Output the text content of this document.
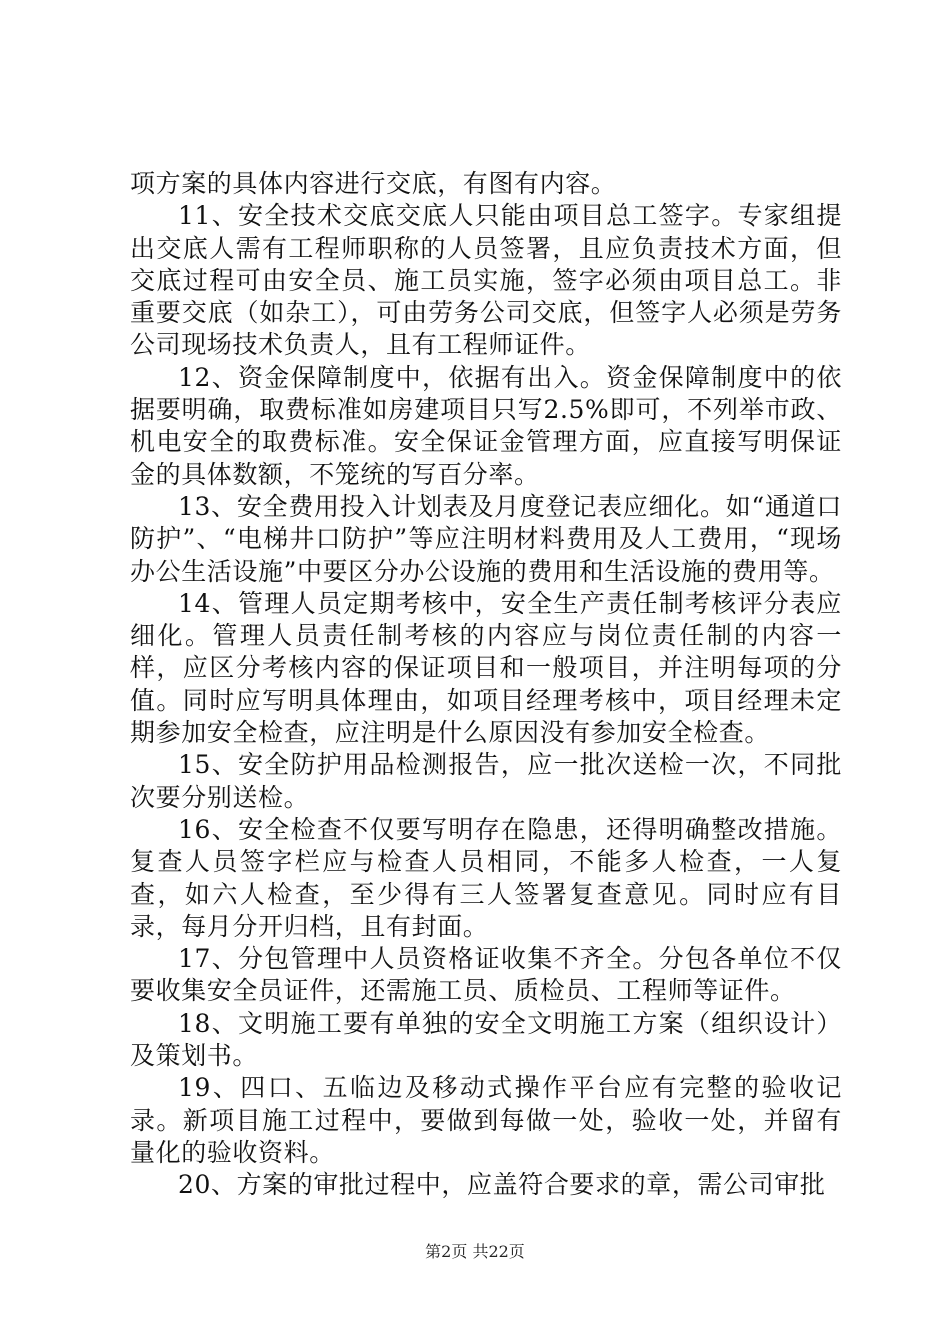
项方案的具体内容进行交底，有图有内容。

11、安全技术交底交底人只能由项目总工签字。专家组提出交底人需有工程师职称的人员签署，且应负责技术方面，但交底过程可由安全员、施工员实施，签字必须由项目总工。非重要交底（如杂工），可由劳务公司交底，但签字人必须是劳务公司现场技术负责人，且有工程师证件。

12、资金保障制度中，依据有出入。资金保障制度中的依据要明确，取费标准如房建项目只写2.5%即可，不列举市政、机电安全的取费标准。安全保证金管理方面，应直接写明保证金的具体数额，不笼统的写百分率。

13、安全费用投入计划表及月度登记表应细化。如“通道口防护”、“电梯井口防护”等应注明材料费用及人工费用，“现场办公生活设施”中要区分办公设施的费用和生活设施的费用等。

14、管理人员定期考核中，安全生产责任制考核评分表应细化。管理人员责任制考核的内容应与岗位责任制的内容一样，应区分考核内容的保证项目和一般项目，并注明每项的分值。同时应写明具体理由，如项目经理考核中，项目经理未定期参加安全检查，应注明是什么原因没有参加安全检查。

15、安全防护用品检测报告，应一批次送检一次，不同批次要分别送检。

16、安全检查不仅要写明存在隐患，还得明确整改措施。复查人员签字栏应与检查人员相同，不能多人检查，一人复查，如六人检查，至少得有三人签署复查意见。同时应有目录，每月分开归档，且有封面。

17、分包管理中人员资格证收集不齐全。分包各单位不仅要收集安全员证件，还需施工员、质检员、工程师等证件。

18、文明施工要有单独的安全文明施工方案（组织设计）及策划书。

19、四口、五临边及移动式操作平台应有完整的验收记录。新项目施工过程中，要做到每做一处，验收一处，并留有量化的验收资料。

20、方案的审批过程中，应盖符合要求的章，需公司审批

第2页 共22页
